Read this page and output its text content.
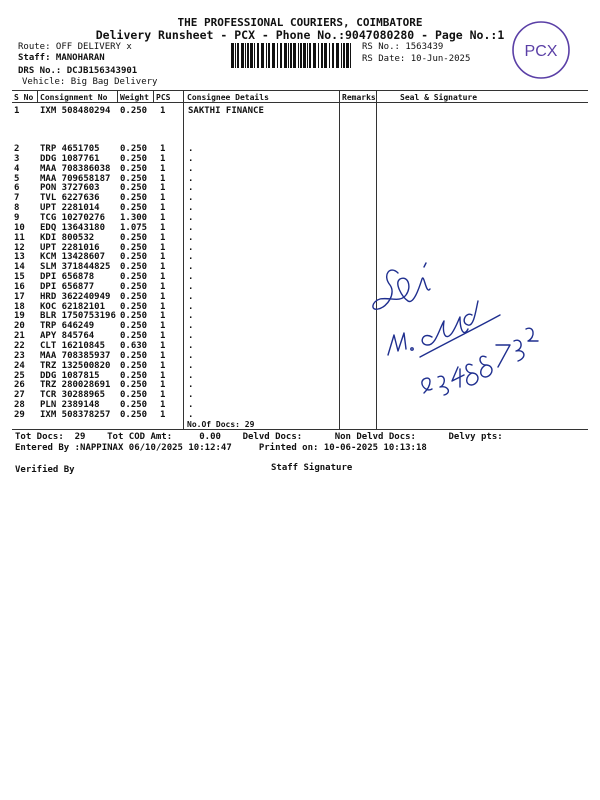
THE PROFESSIONAL COURIERS, COIMBATORE
Delivery Runsheet - PCX - Phone No.:9047080280 - Page No.:1
Route: OFF DELIVERY x
Staff: MANOHARAN
DRS No.: DCJB156343901
Vehicle: Big Bag Delivery
RS No.: 1563439
RS Date: 10-Jun-2025	PCX
S No Consignment No Weight PCS Consignee Details	Remarks	Seal & Signature
1 IXM 508480294 0.250 1	SAKTHI FINANCE
2 TRP 4651705 0.250 1	.
3 DDG 1087761 0.250 1	.
4 MAA 708386038 0.250 1	.
5 MAA 709658187 0.250 1	.
6 PON 3727603 0.250 1	.
7 TVL 6227636 0.250 1	.
8 UPT 2281014 0.250 1	.
9 TCG 10270276 1.300 1	.
10 EDQ 13643180 1.075 1	.
11 KDI 800532	0.250 1	.
12 UPT 2281016 0.250 1	.
13 KCM 13428607 0.250 1	.
14 SLM 371844825 0.250 1	.
15 DPI 656878	0.250 1	.
16 DPI 656877	0.250 1	.
17 HRD 362240949 0.250 1	.
18 KOC 62182101 0.250 1	.
19 BLR 1750753196 0.250 1	.
20 TRP 646249	0.250 1	.
21 APY 845764	0.250 1	.
22 CLT 16210845 0.630 1	.
23 MAA 708385937 0.250 1	.
24 TRZ 132500820 0.250 1	.
25 DDG 1087815 0.250 1	.
26 TRZ 280028691 0.250 1	.
27 TCR 30288965 0.250 1	.
28 PLN 2389148 0.250 1	.
29 IXM 508378257 0.250 1	.
No.Of Docs: 29
Tot Docs:  29    Tot COD Amt:     0.00    Delvd Docs:      Non Delvd Docs:      Delvy pts:
Entered By :NAPPINAX 06/10/2025 10:12:47     Printed on: 10-06-2025 10:13:18
Verified By	Staff Signature
